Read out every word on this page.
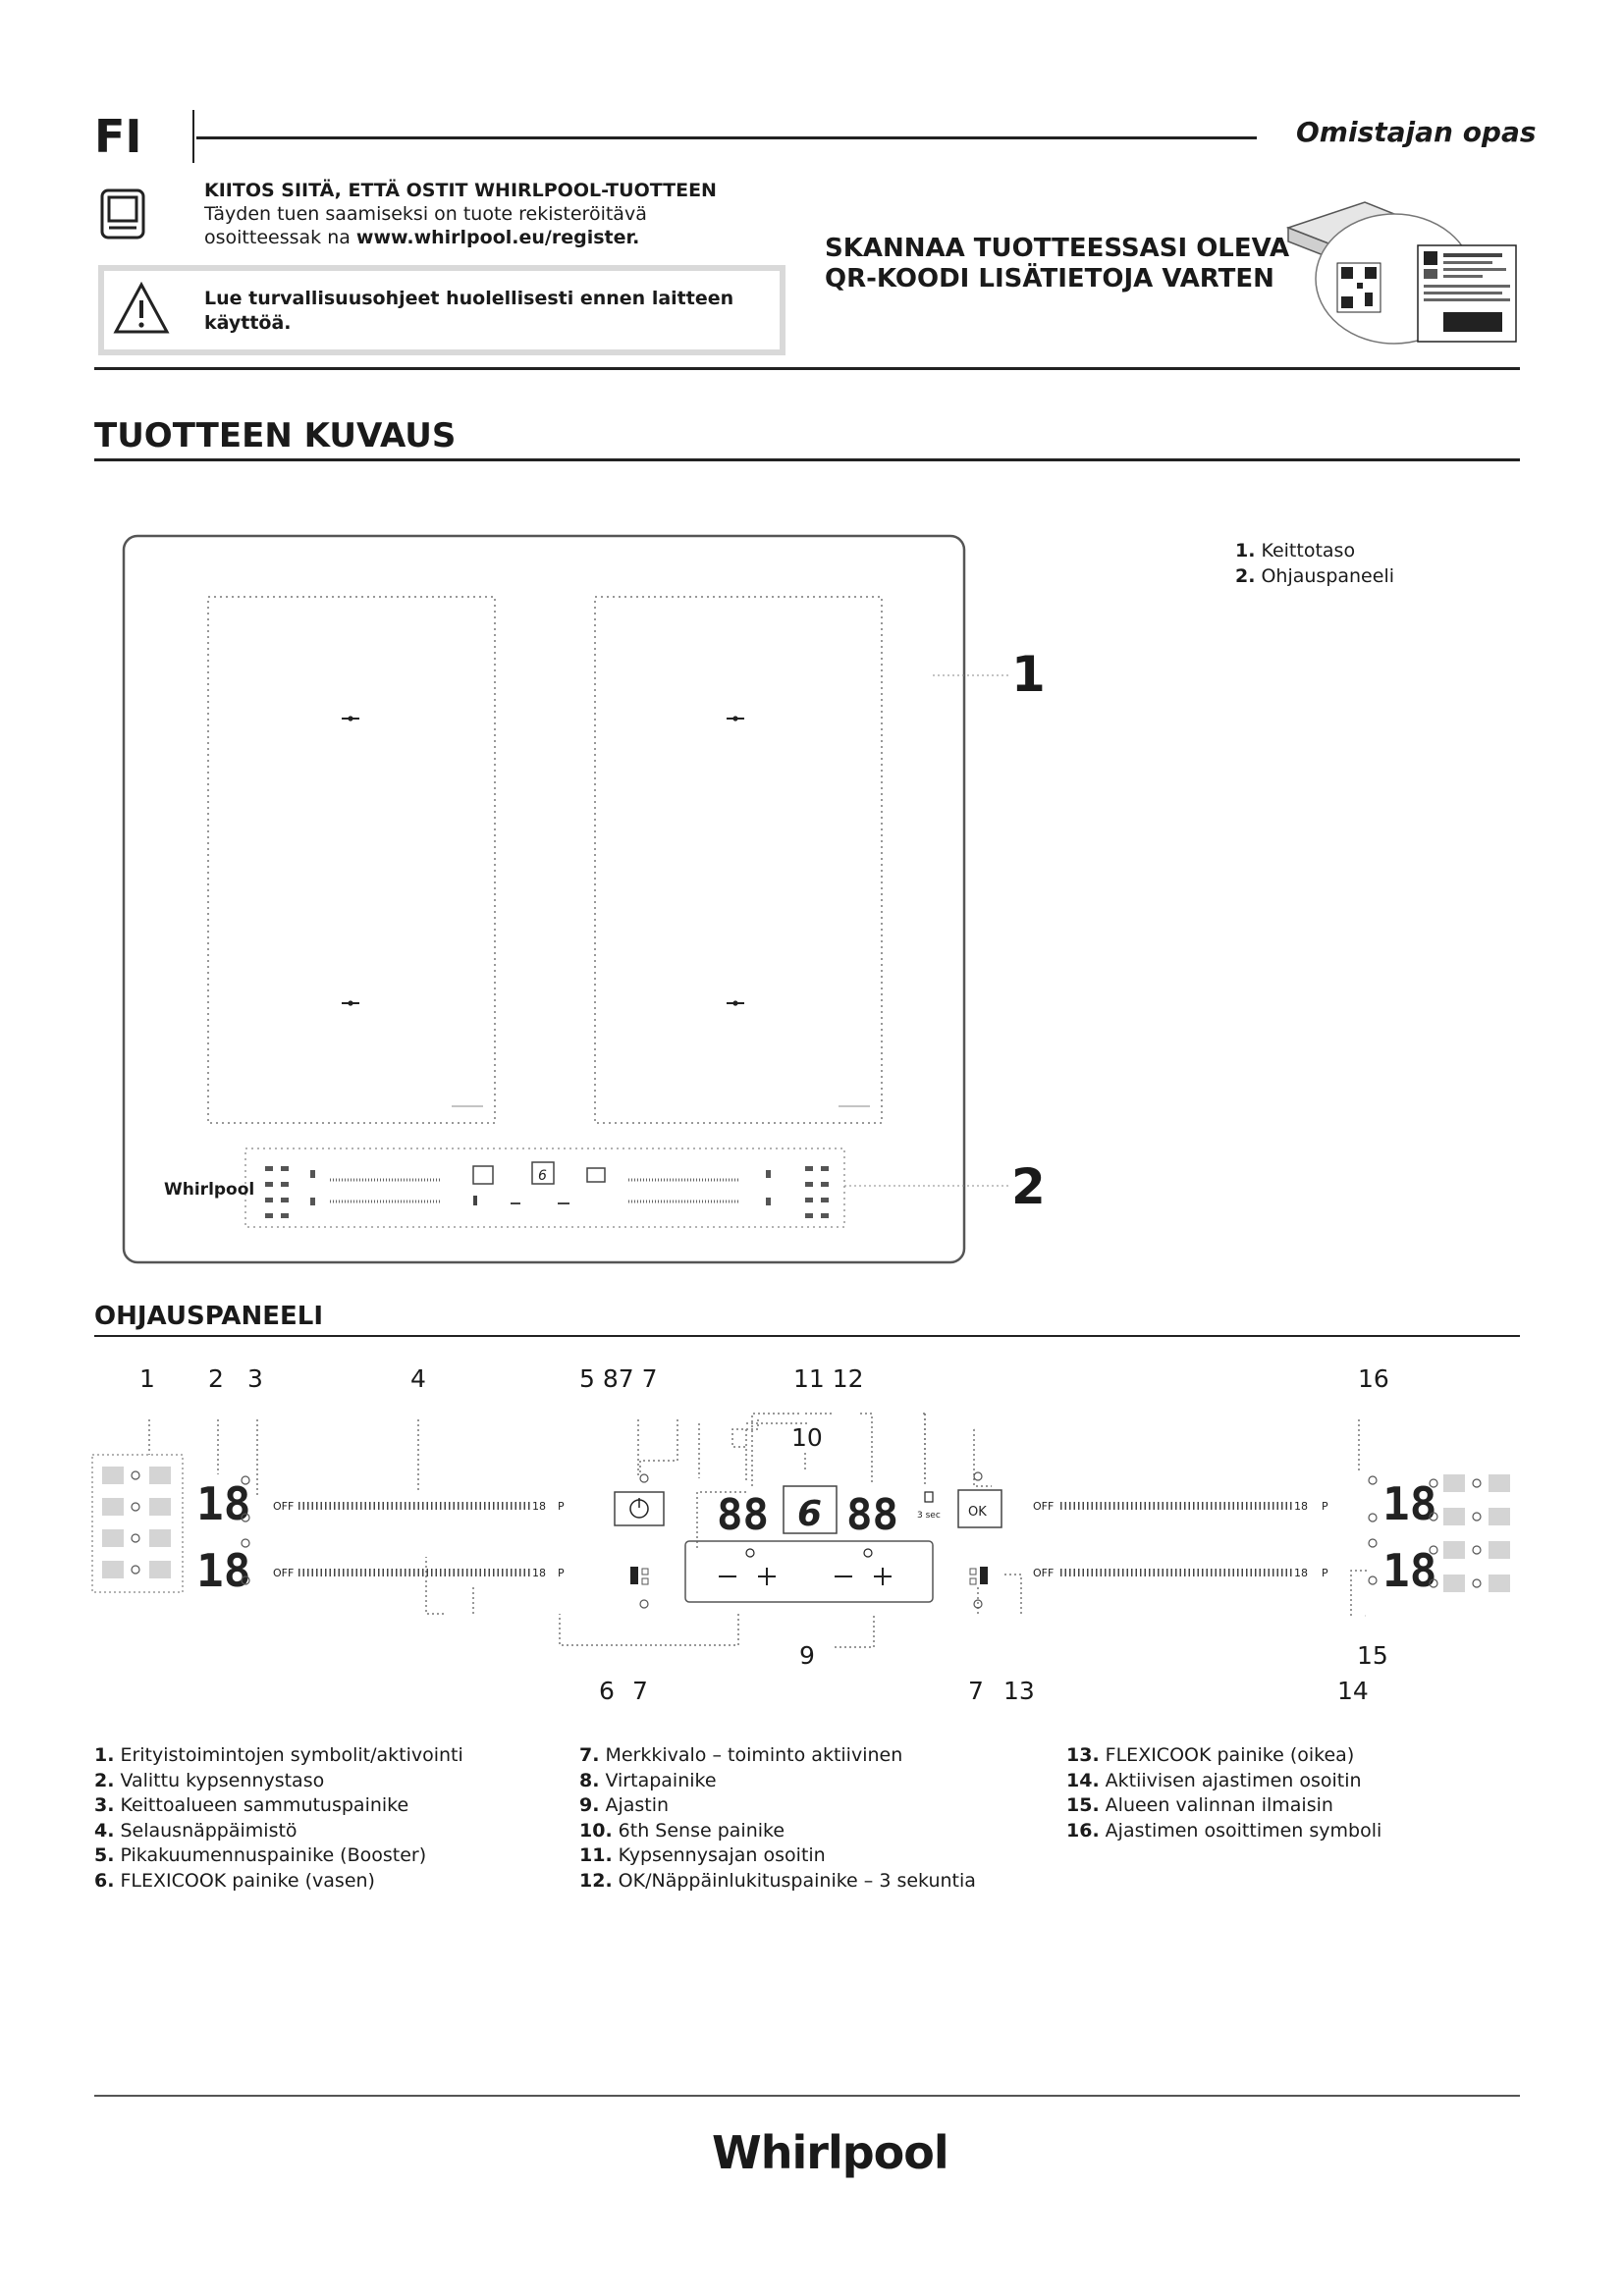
FI	Omistajan opas
KIITOS SIITÄ, ETTÄ OSTIT WHIRLPOOL-TUOTTEEN
Täyden tuen saamiseksi on tuote rekisteröitävä
osoitteessak na www.whirlpool.eu/register.
Lue turvallisuusohjeet huolellisesti ennen laitteen käyttöä.
SKANNAA TUOTTEESSASI OLEVA
QR-KOODI LISÄTIETOJA VARTEN
TUOTTEEN KUVAUS
6
Whirlpool
1
2
1. Keittotaso
2. Ohjauspaneeli
OHJAUSPANEELI
1 2 3	4	5 87 7	11 12
10
16
6 7
9
7 13
15
14
18
18
OFF	18 P
OFF	18 P
88 6 88 3 sec OK	OFF	18 P
OFF	18 P
18
18
1. Erityistoimintojen symbolit/aktivointi
2. Valittu kypsennystaso
3. Keittoalueen sammutuspainike
4. Selausnäppäimistö
5. Pikakuumennuspainike (Booster)
6. FLEXICOOK painike (vasen)
7. Merkkivalo – toiminto aktiivinen
8. Virtapainike
9. Ajastin
10. 6th Sense painike
11. Kypsennysajan osoitin
12. OK/Näppäinlukituspainike – 3 sekuntia
13. FLEXICOOK painike (oikea)
14. Aktiivisen ajastimen osoitin
15. Alueen valinnan ilmaisin
16. Ajastimen osoittimen symboli
Whirlpool
